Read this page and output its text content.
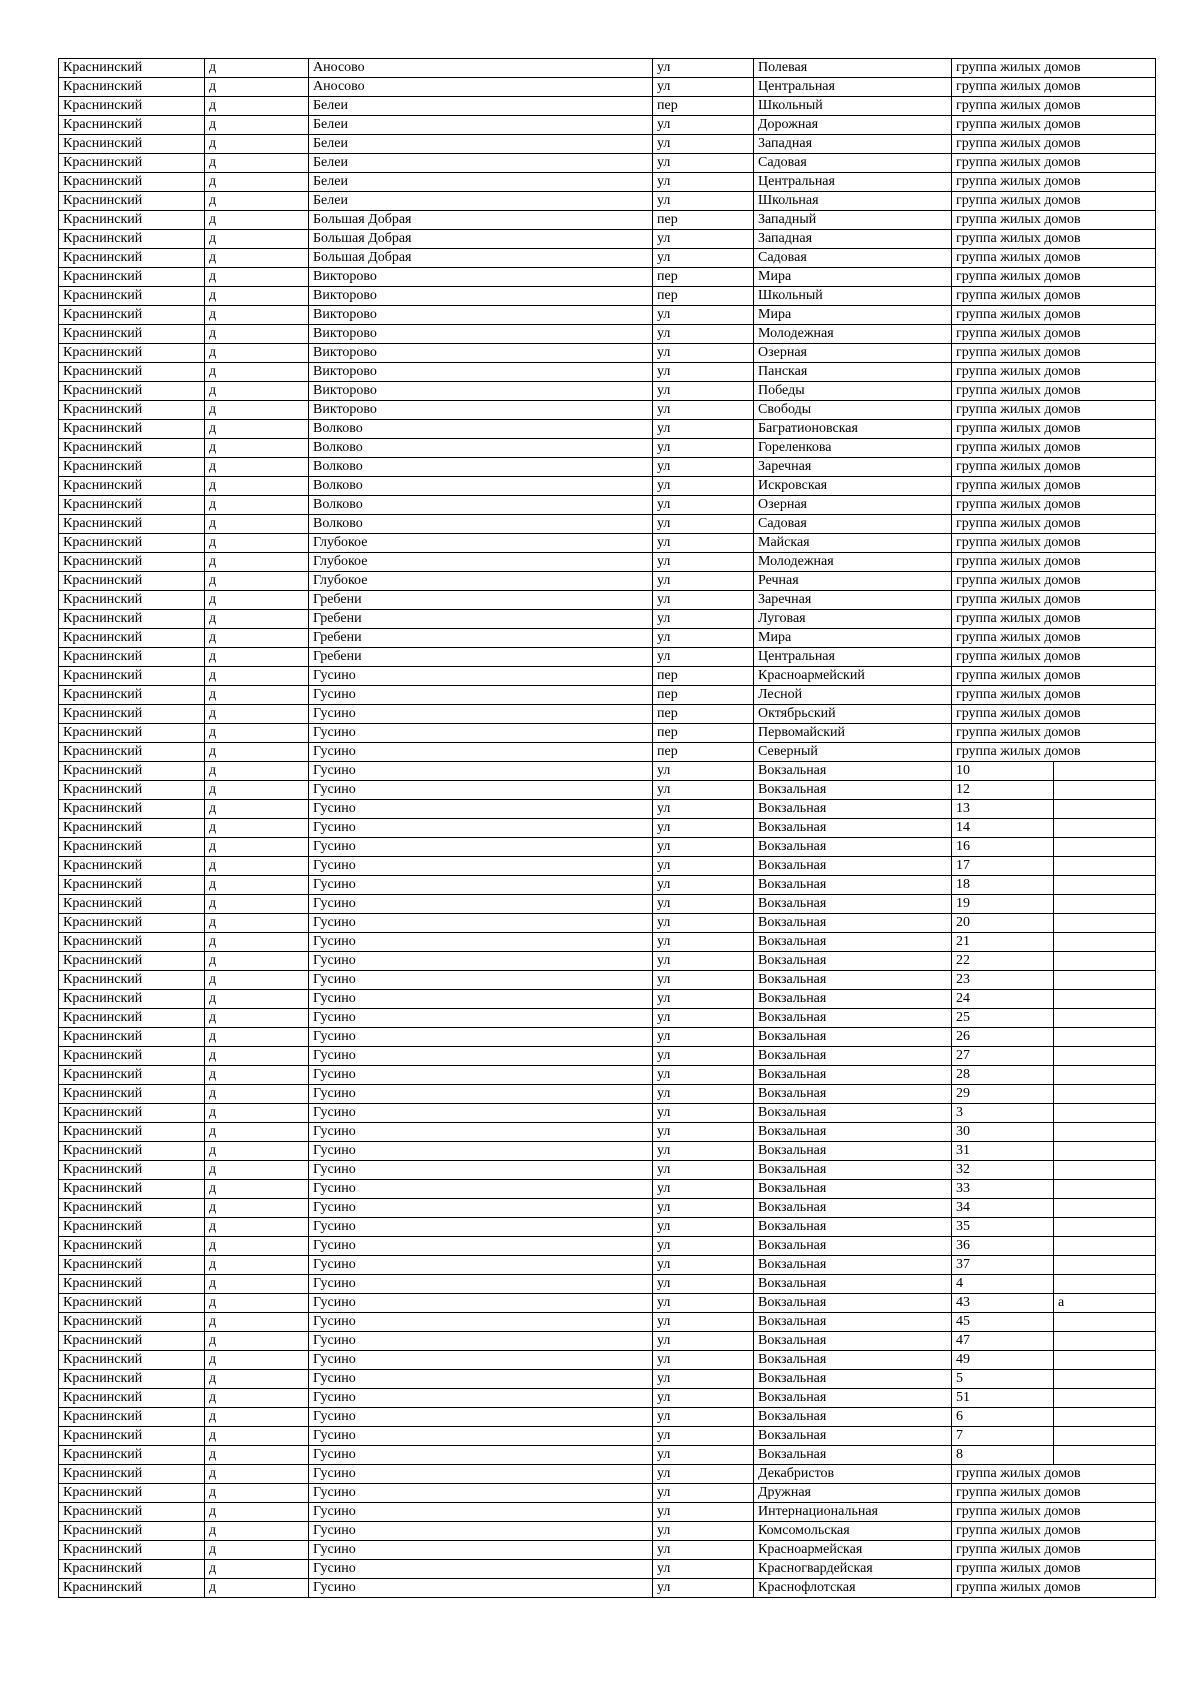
Краснинский	д	Аносово	ул	Полевая	группа жилых домов	
Краснинский	д	Аносово	ул	Центральная	группа жилых домов	
Краснинский	д	Белеи	пер	Школьный	группа жилых домов	
Краснинский	д	Белеи	ул	Дорожная	группа жилых домов	
Краснинский	д	Белеи	ул	Западная	группа жилых домов	
Краснинский	д	Белеи	ул	Садовая	группа жилых домов	
Краснинский	д	Белеи	ул	Центральная	группа жилых домов	
Краснинский	д	Белеи	ул	Школьная	группа жилых домов	
Краснинский	д	Большая Добрая	пер	Западный	группа жилых домов	
Краснинский	д	Большая Добрая	ул	Западная	группа жилых домов	
Краснинский	д	Большая Добрая	ул	Садовая	группа жилых домов	
Краснинский	д	Викторово	пер	Мира	группа жилых домов	
Краснинский	д	Викторово	пер	Школьный	группа жилых домов	
Краснинский	д	Викторово	ул	Мира	группа жилых домов	
Краснинский	д	Викторово	ул	Молодежная	группа жилых домов	
Краснинский	д	Викторово	ул	Озерная	группа жилых домов	
Краснинский	д	Викторово	ул	Панская	группа жилых домов	
Краснинский	д	Викторово	ул	Победы	группа жилых домов	
Краснинский	д	Викторово	ул	Свободы	группа жилых домов	
Краснинский	д	Волково	ул	Багратионовская	группа жилых домов	
Краснинский	д	Волково	ул	Гореленкова	группа жилых домов	
Краснинский	д	Волково	ул	Заречная	группа жилых домов	
Краснинский	д	Волково	ул	Искровская	группа жилых домов	
Краснинский	д	Волково	ул	Озерная	группа жилых домов	
Краснинский	д	Волково	ул	Садовая	группа жилых домов	
Краснинский	д	Глубокое	ул	Майская	группа жилых домов	
Краснинский	д	Глубокое	ул	Молодежная	группа жилых домов	
Краснинский	д	Глубокое	ул	Речная	группа жилых домов	
Краснинский	д	Гребени	ул	Заречная	группа жилых домов	
Краснинский	д	Гребени	ул	Луговая	группа жилых домов	
Краснинский	д	Гребени	ул	Мира	группа жилых домов	
Краснинский	д	Гребени	ул	Центральная	группа жилых домов	
Краснинский	д	Гусино	пер	Красноармейский	группа жилых домов	
Краснинский	д	Гусино	пер	Лесной	группа жилых домов	
Краснинский	д	Гусино	пер	Октябрьский	группа жилых домов	
Краснинский	д	Гусино	пер	Первомайский	группа жилых домов	
Краснинский	д	Гусино	пер	Северный	группа жилых домов	
Краснинский	д	Гусино	ул	Вокзальная	10	
Краснинский	д	Гусино	ул	Вокзальная	12	
Краснинский	д	Гусино	ул	Вокзальная	13	
Краснинский	д	Гусино	ул	Вокзальная	14	
Краснинский	д	Гусино	ул	Вокзальная	16	
Краснинский	д	Гусино	ул	Вокзальная	17	
Краснинский	д	Гусино	ул	Вокзальная	18	
Краснинский	д	Гусино	ул	Вокзальная	19	
Краснинский	д	Гусино	ул	Вокзальная	20	
Краснинский	д	Гусино	ул	Вокзальная	21	
Краснинский	д	Гусино	ул	Вокзальная	22	
Краснинский	д	Гусино	ул	Вокзальная	23	
Краснинский	д	Гусино	ул	Вокзальная	24	
Краснинский	д	Гусино	ул	Вокзальная	25	
Краснинский	д	Гусино	ул	Вокзальная	26	
Краснинский	д	Гусино	ул	Вокзальная	27	
Краснинский	д	Гусино	ул	Вокзальная	28	
Краснинский	д	Гусино	ул	Вокзальная	29	
Краснинский	д	Гусино	ул	Вокзальная	3	
Краснинский	д	Гусино	ул	Вокзальная	30	
Краснинский	д	Гусино	ул	Вокзальная	31	
Краснинский	д	Гусино	ул	Вокзальная	32	
Краснинский	д	Гусино	ул	Вокзальная	33	
Краснинский	д	Гусино	ул	Вокзальная	34	
Краснинский	д	Гусино	ул	Вокзальная	35	
Краснинский	д	Гусино	ул	Вокзальная	36	
Краснинский	д	Гусино	ул	Вокзальная	37	
Краснинский	д	Гусино	ул	Вокзальная	4	
Краснинский	д	Гусино	ул	Вокзальная	43	а
Краснинский	д	Гусино	ул	Вокзальная	45	
Краснинский	д	Гусино	ул	Вокзальная	47	
Краснинский	д	Гусино	ул	Вокзальная	49	
Краснинский	д	Гусино	ул	Вокзальная	5	
Краснинский	д	Гусино	ул	Вокзальная	51	
Краснинский	д	Гусино	ул	Вокзальная	6	
Краснинский	д	Гусино	ул	Вокзальная	7	
Краснинский	д	Гусино	ул	Вокзальная	8	
Краснинский	д	Гусино	ул	Декабристов	группа жилых домов	
Краснинский	д	Гусино	ул	Дружная	группа жилых домов	
Краснинский	д	Гусино	ул	Интернациональная	группа жилых домов	
Краснинский	д	Гусино	ул	Комсомольская	группа жилых домов	
Краснинский	д	Гусино	ул	Красноармейская	группа жилых домов	
Краснинский	д	Гусино	ул	Красногвардейская	группа жилых домов	
Краснинский	д	Гусино	ул	Краснофлотская	группа жилых домов	
